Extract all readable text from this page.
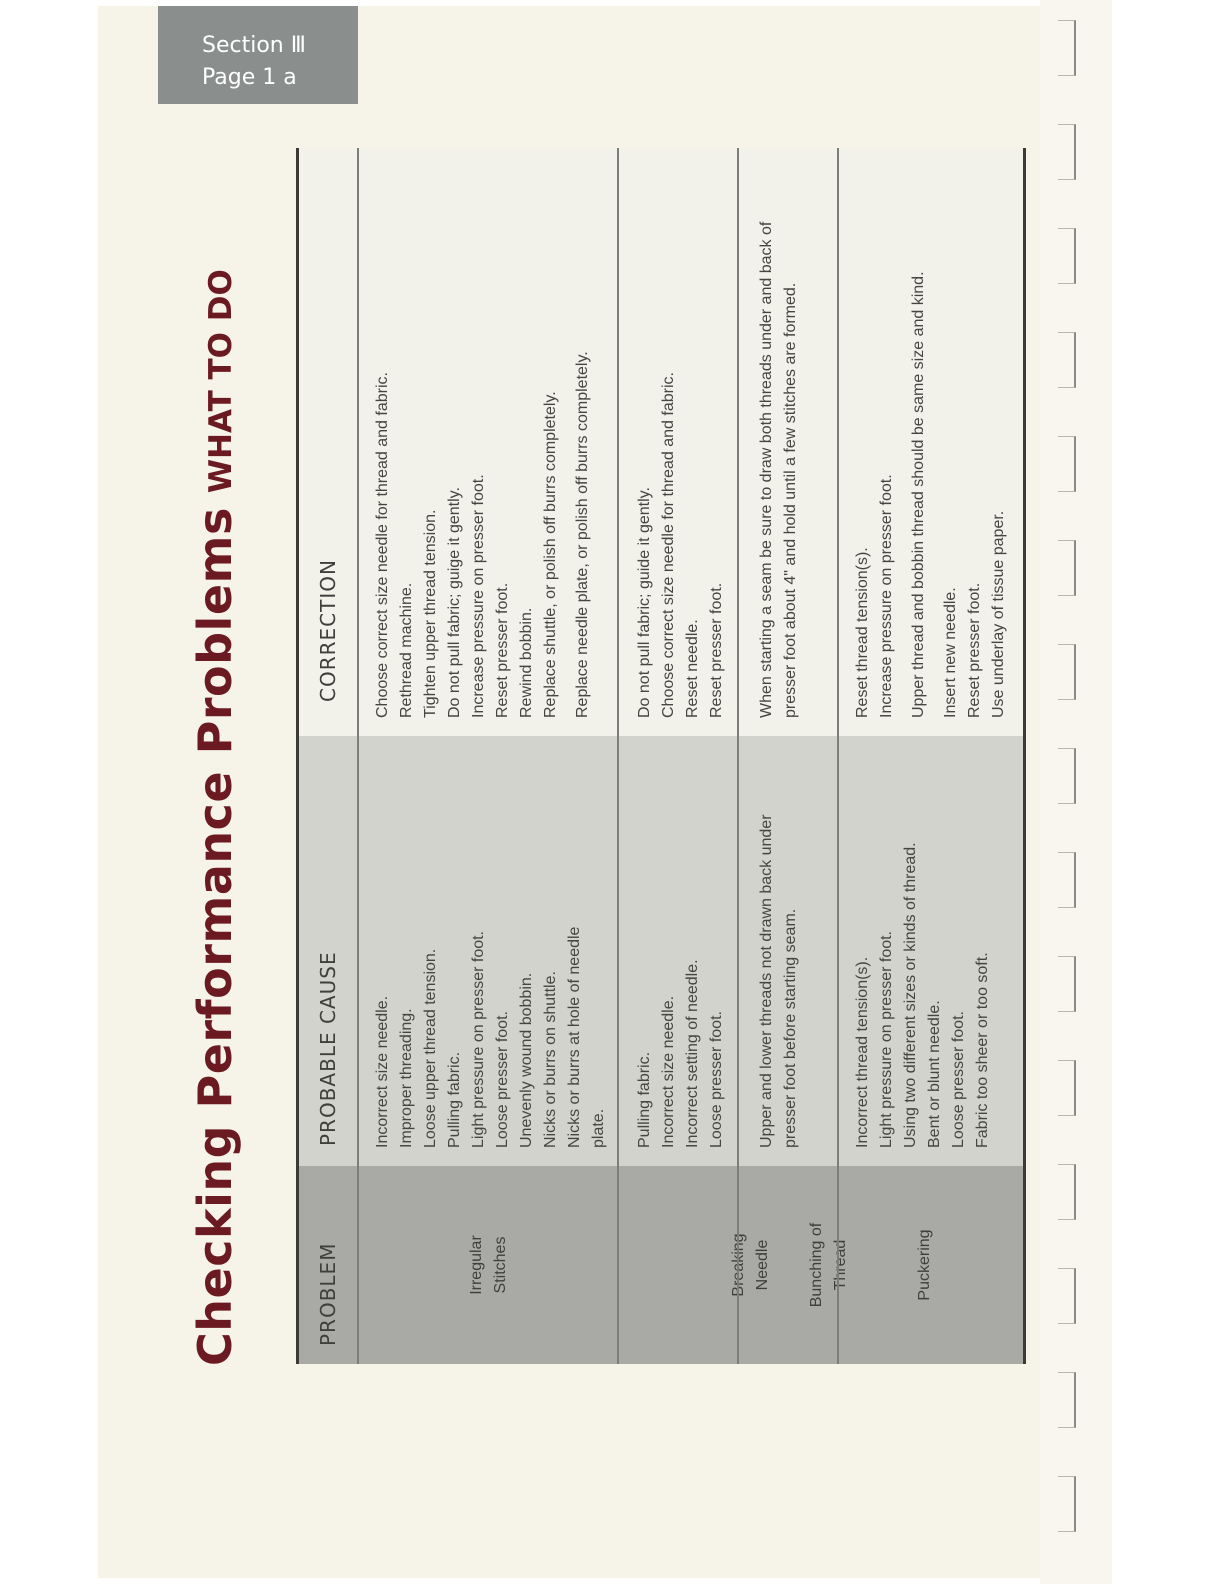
Section Ⅲ
Page 1 a
Checking Performance ProblemsWHAT TO DO
PROBLEM
PROBABLE CAUSE
CORRECTION
Irregular Stitches
Incorrect size needle. Improper threading. Loose upper thread tension. Pulling fabric. Light pressure on presser foot. Loose presser foot. Unevenly wound bobbin. Nicks or burrs on shuttle. Nicks or burrs at hole of needle plate.
Choose correct size needle for thread and fabric. Rethread machine. Tighten upper thread tension. Do not pull fabric; guige it gently. Increase pressure on presser foot. Reset presser foot. Rewind bobbin. Replace shuttle, or polish off burrs completely. Replace needle plate, or polish off burrs completely.
Breaking Needle
Pulling fabric. Incorrect size needle. Incorrect setting of needle. Loose presser foot.
Do not pull fabric; guide it gently. Choose correct size needle for thread and fabric. Reset needle. Reset presser foot.
Bunching of Thread
Upper and lower threads not drawn back under presser foot before starting seam.
When starting a seam be sure to draw both threads under and back of presser foot about 4" and hold until a few stitches are formed.
Puckering
Incorrect thread tension(s). Light pressure on presser foot. Using two different sizes or kinds of thread. Bent or blunt needle. Loose presser foot. Fabric too sheer or too soft.
Reset thread tension(s). Increase pressure on presser foot. Upper thread and bobbin thread should be same size and kind. Insert new needle. Reset presser foot. Use underlay of tissue paper.
